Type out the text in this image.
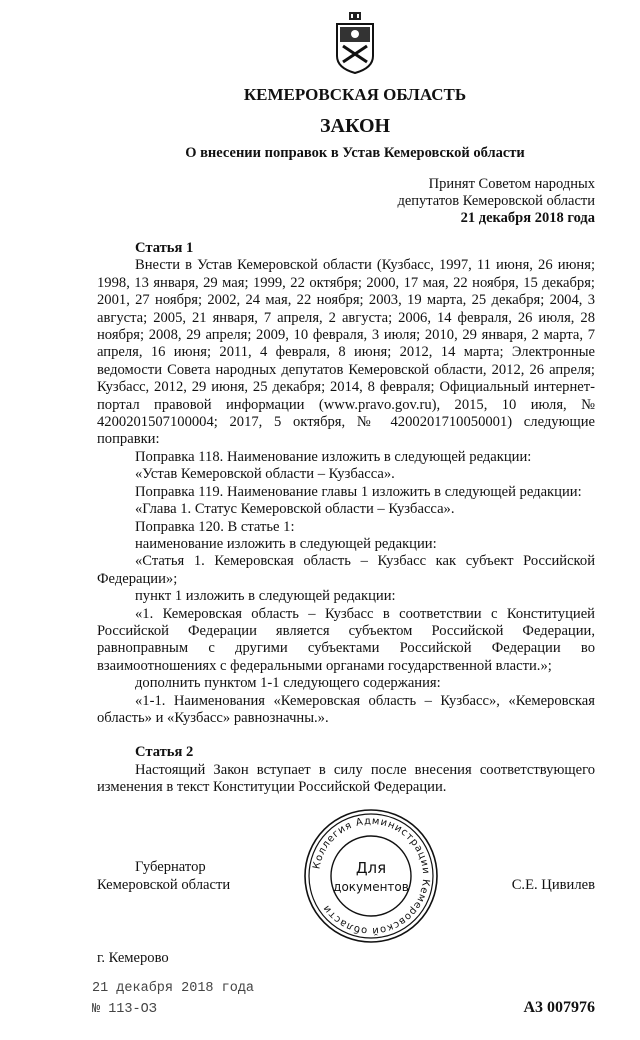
КЕМЕРОВСКАЯ ОБЛАСТЬ
ЗАКОН
О внесении поправок в Устав Кемеровской области
Принят Советом народных
депутатов Кемеровской области
21 декабря 2018 года
Статья 1

Внести в Устав Кемеровской области (Кузбасс, 1997, 11 июня, 26 июня; 1998, 13 января, 29 мая; 1999, 22 октября; 2000, 17 мая, 22 ноября, 15 декабря; 2001, 27 ноября; 2002, 24 мая, 22 ноября; 2003, 19 марта, 25 декабря; 2004, 3 августа; 2005, 21 января, 7 апреля, 2 августа; 2006, 14 февраля, 26 июля, 28 ноября; 2008, 29 апреля; 2009, 10 февраля, 3 июля; 2010, 29 января, 2 марта, 7 апреля, 16 июня; 2011, 4 февраля, 8 июня; 2012, 14 марта; Электронные ведомости Совета народных депутатов Кемеровской области, 2012, 26 апреля; Кузбасс, 2012, 29 июня, 25 декабря; 2014, 8 февраля; Официальный интернет-портал правовой информации (www.pravo.gov.ru), 2015, 10 июля, № 4200201507100004; 2017, 5 октября, № 4200201710050001) следующие поправки:

Поправка 118. Наименование изложить в следующей редакции:

«Устав Кемеровской области – Кузбасса».

Поправка 119. Наименование главы 1 изложить в следующей редакции:

«Глава 1. Статус Кемеровской области – Кузбасса».

Поправка 120. В статье 1:

наименование изложить в следующей редакции:

«Статья 1. Кемеровская область – Кузбасс как субъект Российской Федерации»;

пункт 1 изложить в следующей редакции:

«1. Кемеровская область – Кузбасс в соответствии с Конституцией Российской Федерации является субъектом Российской Федерации, равноправным с другими субъектами Российской Федерации во взаимоотношениях с федеральными органами государственной власти.»;

дополнить пунктом 1-1 следующего содержания:

«1-1. Наименования «Кемеровская область – Кузбасс», «Кемеровская область» и «Кузбасс» равнозначны.».

Статья 2

Настоящий Закон вступает в силу после внесения соответствующего изменения в текст Конституции Российской Федерации.

Губернатор
Кемеровской области
Коллегия Администрации Кемеровской области
Для
документов	С.Е. Цивилев
г. Кемерово
21 декабря 2018 года
№ 113-ОЗ	А3 007976
